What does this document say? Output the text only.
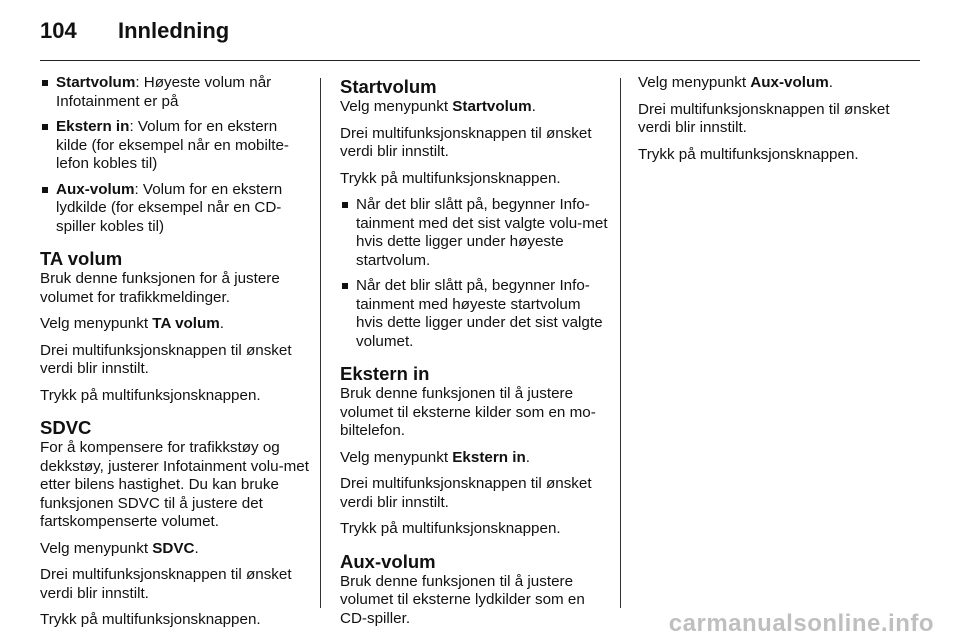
104 Innledning
Startvolum: Høyeste volum når Infotainment er på
Ekstern in: Volum for en ekstern kilde (for eksempel når en mobilte-lefon kobles til)
Aux-volum: Volum for en ekstern lydkilde (for eksempel når en CD-spiller kobles til)
TA volum

Bruk denne funksjonen for å justere volumet for trafikkmeldinger.

Velg menypunkt TA volum.

Drei multifunksjonsknappen til ønsket verdi blir innstilt.

Trykk på multifunksjonsknappen.

SDVC

For å kompensere for trafikkstøy og dekkstøy, justerer Infotainment volu-met etter bilens hastighet. Du kan bruke funksjonen SDVC til å justere det fartskompenserte volumet.

Velg menypunkt SDVC.

Drei multifunksjonsknappen til ønsket verdi blir innstilt.

Trykk på multifunksjonsknappen.

Startvolum

Velg menypunkt Startvolum.

Drei multifunksjonsknappen til ønsket verdi blir innstilt.

Trykk på multifunksjonsknappen.

Når det blir slått på, begynner Info-tainment med det sist valgte volu-met hvis dette ligger under høyeste startvolum.
Når det blir slått på, begynner Info-tainment med høyeste startvolum hvis dette ligger under det sist valgte volumet.
Ekstern in

Bruk denne funksjonen til å justere volumet til eksterne kilder som en mo-biltelefon.

Velg menypunkt Ekstern in.

Drei multifunksjonsknappen til ønsket verdi blir innstilt.

Trykk på multifunksjonsknappen.

Aux-volum

Bruk denne funksjonen til å justere volumet til eksterne lydkilder som en CD-spiller.

Velg menypunkt Aux-volum.

Drei multifunksjonsknappen til ønsket verdi blir innstilt.

Trykk på multifunksjonsknappen.

carmanualsonline.info
